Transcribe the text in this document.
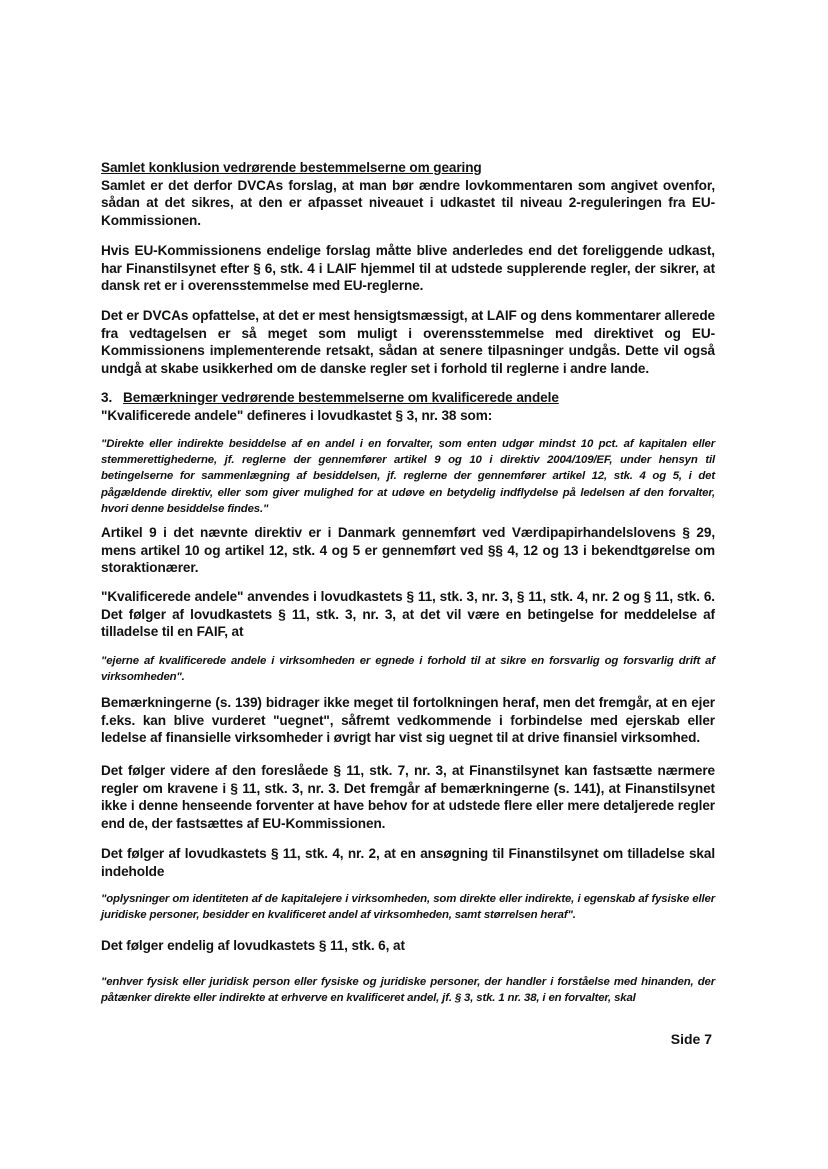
Samlet konklusion vedrørende bestemmelserne om gearing
Samlet er det derfor DVCAs forslag, at man bør ændre lovkommentaren som angivet ovenfor, sådan at det sikres, at den er afpasset niveauet i udkastet til niveau 2-reguleringen fra EU-Kommissionen.

Hvis EU-Kommissionens endelige forslag måtte blive anderledes end det foreliggende udkast, har Finanstilsynet efter § 6, stk. 4 i LAIF hjemmel til at udstede supplerende regler, der sikrer, at dansk ret er i overensstemmelse med EU-reglerne.

Det er DVCAs opfattelse, at det er mest hensigtsmæssigt, at LAIF og dens kommentarer allerede fra vedtagelsen er så meget som muligt i overensstemmelse med direktivet og EU-Kommissionens implementerende retsakt, sådan at senere tilpasninger undgås. Dette vil også undgå at skabe usikkerhed om de danske regler set i forhold til reglerne i andre lande.

3. Bemærkninger vedrørende bestemmelserne om kvalificerede andele
"Kvalificerede andele" defineres i lovudkastet § 3, nr. 38 som:

"Direkte eller indirekte besiddelse af en andel i en forvalter, som enten udgør mindst 10 pct. af kapitalen eller stemmerettighederne, jf. reglerne der gennemfører artikel 9 og 10 i direktiv 2004/109/EF, under hensyn til betingelserne for sammenlægning af besiddelsen, jf. reglerne der gennemfører artikel 12, stk. 4 og 5, i det pågældende direktiv, eller som giver mulighed for at udøve en betydelig indflydelse på ledelsen af den forvalter, hvori denne besiddelse findes."

Artikel 9 i det nævnte direktiv er i Danmark gennemført ved Værdipapirhandelslovens § 29, mens artikel 10 og artikel 12, stk. 4 og 5 er gennemført ved §§ 4, 12 og 13 i bekendtgørelse om storaktionærer.

"Kvalificerede andele" anvendes i lovudkastets § 11, stk. 3, nr. 3, § 11, stk. 4, nr. 2 og § 11, stk. 6. Det følger af lovudkastets § 11, stk. 3, nr. 3, at det vil være en betingelse for meddelelse af tilladelse til en FAIF, at

"ejerne af kvalificerede andele i virksomheden er egnede i forhold til at sikre en forsvarlig og forsvarlig drift af virksomheden".

Bemærkningerne (s. 139) bidrager ikke meget til fortolkningen heraf, men det fremgår, at en ejer f.eks. kan blive vurderet "uegnet", såfremt vedkommende i forbindelse med ejerskab eller ledelse af finansielle virksomheder i øvrigt har vist sig uegnet til at drive finansiel virksomhed.

Det følger videre af den foreslåede § 11, stk. 7, nr. 3, at Finanstilsynet kan fastsætte nærmere regler om kravene i § 11, stk. 3, nr. 3. Det fremgår af bemærkningerne (s. 141), at Finanstilsynet ikke i denne henseende forventer at have behov for at udstede flere eller mere detaljerede regler end de, der fastsættes af EU-Kommissionen.

Det følger af lovudkastets § 11, stk. 4, nr. 2, at en ansøgning til Finanstilsynet om tilladelse skal indeholde

"oplysninger om identiteten af de kapitalejere i virksomheden, som direkte eller indirekte, i egenskab af fysiske eller juridiske personer, besidder en kvalificeret andel af virksomheden, samt størrelsen heraf".

Det følger endelig af lovudkastets § 11, stk. 6, at

"enhver fysisk eller juridisk person eller fysiske og juridiske personer, der handler i forståelse med hinanden, der påtænker direkte eller indirekte at erhverve en kvalificeret andel, jf. § 3, stk. 1 nr. 38, i en forvalter, skal

Side 7
